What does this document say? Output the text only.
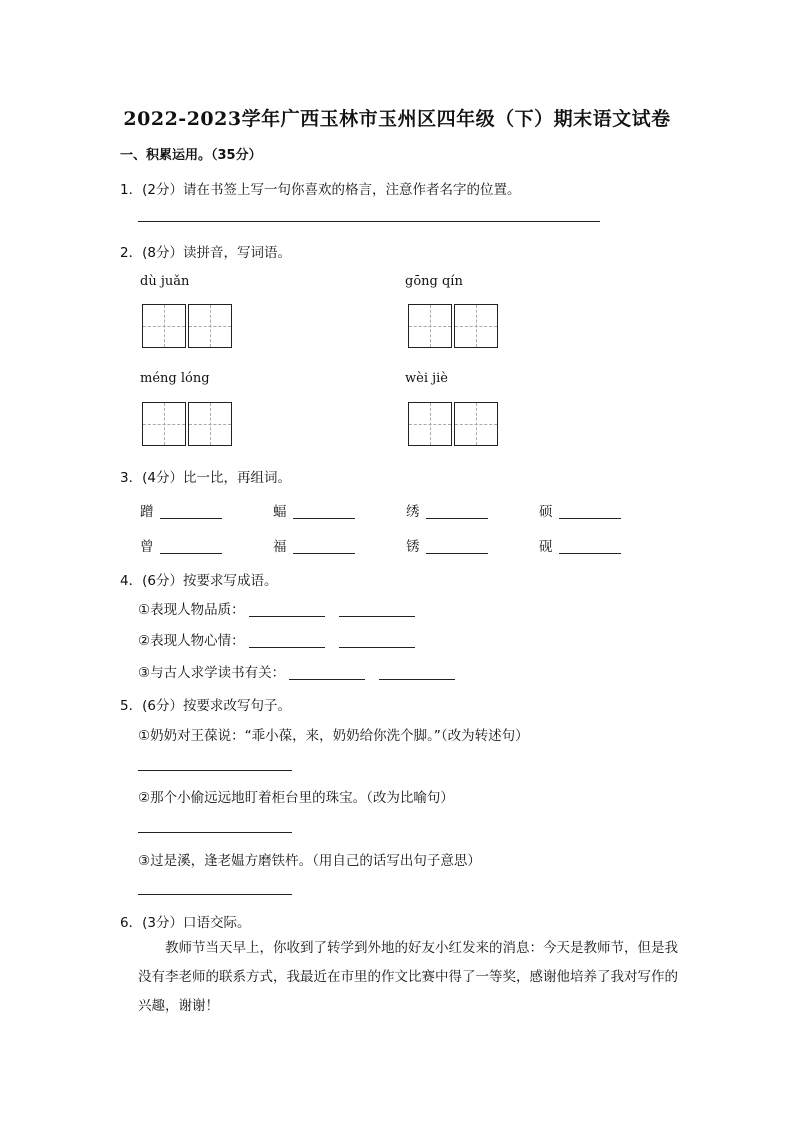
2022-2023学年广西玉林市玉州区四年级（下）期末语文试卷
一、积累运用。（35分）
1．(2分）请在书签上写一句你喜欢的格言，注意作者名字的位置。
2．(8分）读拼音，写词语。
dù juǎn	gōng qín
méng lóng	wèi jiè
3．(4分）比一比，再组词。
蹭	蝠	绣	硕
曾	福	锈	砚
4．(6分）按要求写成语。
①表现人物品质：
②表现人物心情：
③与古人求学读书有关：
5．(6分）按要求改写句子。
①奶奶对王葆说：“乖小葆，来，奶奶给你洗个脚。”（改为转述句）
②那个小偷远远地盯着柜台里的珠宝。（改为比喻句）
③过是溪，逢老媪方磨铁杵。（用自己的话写出句子意思）
6．(3分）口语交际。
教师节当天早上，你收到了转学到外地的好友小红发来的消息：今天是教师节，但是我没有李老师的联系方式，我最近在市里的作文比赛中得了一等奖，感谢他培养了我对写作的兴趣，谢谢！
